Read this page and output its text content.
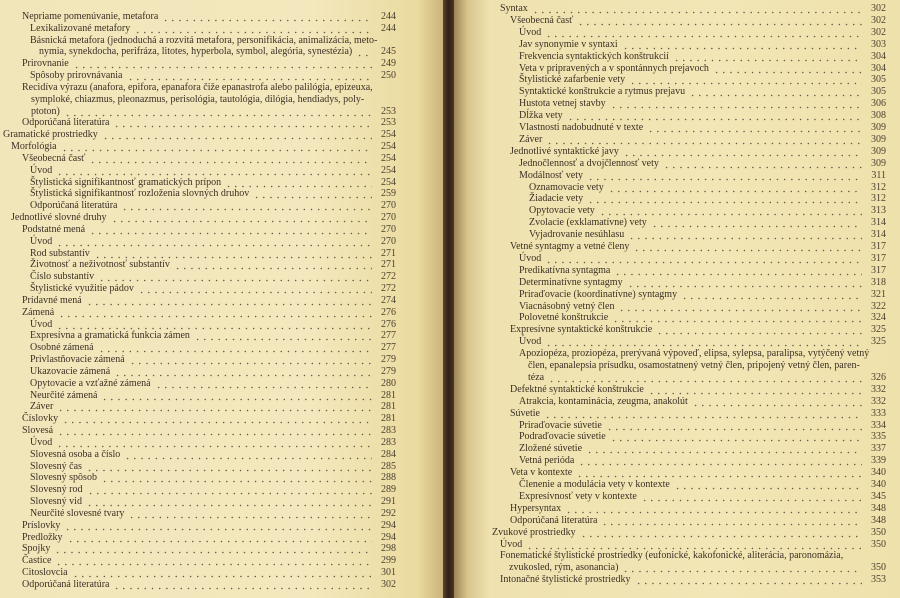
Nepriame pomenúvanie, metafora	244
Lexikalizované metafory	244
Básnická metafora (jednoduchá a rozvitá metafora, personifikácia, animalizácia, meto-
nymia, synekdocha, perifráza, litotes, hyperbola, symbol, alegória, synestézia)	245
Prirovnanie	249
Spôsoby prirovnávania	250
Recidíva výrazu (anafora, epifora, epanafora čiže epanastrofa alebo palilógia, epizeuxa,
symploké, chiazmus, pleonazmus, perisológia, tautológia, dilógia, hendiadys, poly-
ptoton)	253
Odporúčaná literatúra	253
Gramatické prostriedky	254
Morfológia	254
Všeobecná časť	254
Úvod	254
Štylistická signifikantnosť gramatických prípon	254
Štylistická signifikantnosť rozloženia slovných druhov	259
Odporúčaná literatúra	270
Jednotlivé slovné druhy	270
Podstatné mená	270
Úvod	270
Rod substantív	271
Životnosť a neživotnosť substantív	271
Číslo substantív	272
Štylistické využitie pádov	272
Prídavné mená	274
Zámená	276
Úvod	276
Expresívna a gramatická funkcia zámen	277
Osobné zámená	277
Privlastňovacie zámená	279
Ukazovacie zámená	279
Opytovacie a vzťažné zámená	280
Neurčité zámená	281
Záver	281
Číslovky	281
Slovesá	283
Úvod	283
Slovesná osoba a číslo	284
Slovesný čas	285
Slovesný spôsob	288
Slovesný rod	289
Slovesný vid	291
Neurčité slovesné tvary	292
Príslovky	294
Predložky	294
Spojky	298
Častice	299
Citoslovcia	301
Odporúčaná literatúra	302
Syntax	302
Všeobecná časť	302
Úvod	302
Jav synonymie v syntaxi	303
Frekvencia syntaktických konštrukcií	304
Veta v pripravených a v spontánnych prejavoch	304
Štylistické zafarbenie vety	305
Syntaktické konštrukcie a rytmus prejavu	305
Hustota vetnej stavby	306
Dĺžka vety	308
Vlastnosti nadobudnuté v texte	309
Záver	309
Jednotlivé syntaktické javy	309
Jednočlennosť a dvojčlennosť vety	309
Modálnosť vety	311
Oznamovacie vety	312
Žiadacie vety	312
Opytovacie vety	313
Zvolacie (exklamatívne) vety	314
Vyjadrovanie nesúhlasu	314
Vetné syntagmy a vetné členy	317
Úvod	317
Predikatívna syntagma	317
Determinatívne syntagmy	318
Priraďovacie (koordinatívne) syntagmy	321
Viacnásobný vetný člen	322
Polovetné konštrukcie	324
Expresívne syntaktické konštrukcie	325
Úvod	325
Apoziopéza, proziopéza, prerývaná výpoveď, elipsa, sylepsa, paralipsa, vytýčený vetný
člen, epanalepsia prísudku, osamostatnený vetný člen, pripojený vetný člen, paren-
téza	326
Defektné syntaktické konštrukcie	332
Atrakcia, kontaminácia, zeugma, anakolút	332
Súvetie	333
Priraďovacie súvetie	334
Podraďovacie súvetie	335
Zložené súvetie	337
Vetná perióda	339
Veta v kontexte	340
Členenie a modulácia vety v kontexte	340
Expresívnosť vety v kontexte	345
Hypersyntax	348
Odporúčaná literatúra	348
Zvukové prostriedky	350
Úvod	350
Fonematické štylistické prostriedky (eufonické, kakofonické, aliterácia, paronomázia,
zvukosled, rým, asonancia)	350
Intonačné štylistické prostriedky	353
